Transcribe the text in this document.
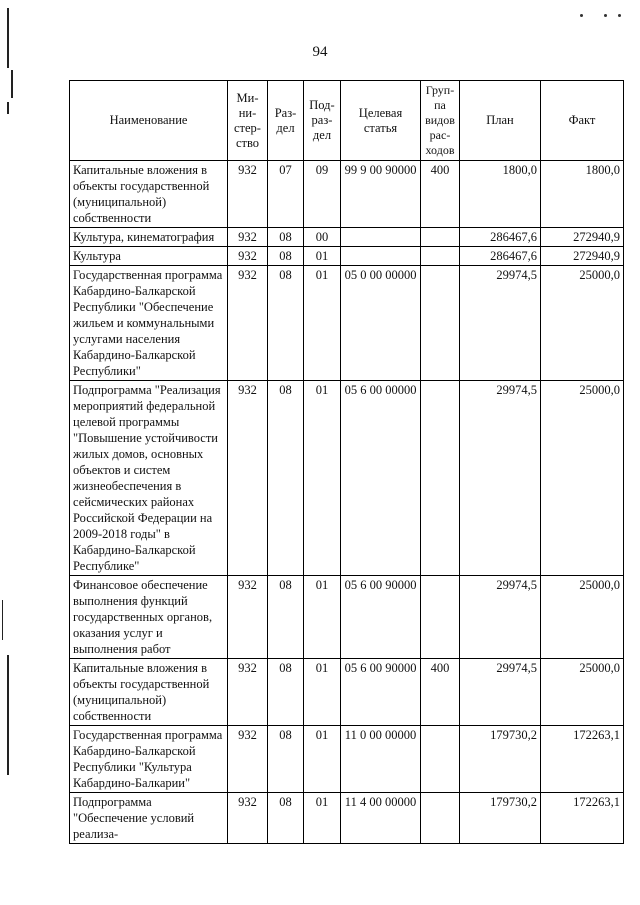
94
Наименование	Ми-
ни-
стер-
ство	Раз-
дел	Под-
раз-
дел	Целевая
статья	Груп-
па
видов
рас-
ходов	План	Факт
Капитальные вложения в объекты государственной (муниципальной) собственности	932	07	09	99 9 00 90000	400	1800,0	1800,0
Культура, кинематография	932	08	00			286467,6	272940,9
Культура	932	08	01			286467,6	272940,9
Государственная программа Кабардино-Балкарской Республики "Обеспечение жильем и коммунальными услугами населения Кабардино-Балкарской Республики"	932	08	01	05 0 00 00000		29974,5	25000,0
Подпрограмма "Реализация мероприятий федеральной целевой программы "Повышение устойчивости жилых домов, основных объектов и систем жизнеобеспечения в сейсмических районах Российской Федерации на 2009-2018 годы" в Кабардино-Балкарской Республике"	932	08	01	05 6 00 00000		29974,5	25000,0
Финансовое обеспечение выполнения функций государственных органов, оказания услуг и выполнения работ	932	08	01	05 6 00 90000		29974,5	25000,0
Капитальные вложения в объекты государственной (муниципальной) собственности	932	08	01	05 6 00 90000	400	29974,5	25000,0
Государственная программа Кабардино-Балкарской Республики "Культура Кабардино-Балкарии"	932	08	01	11 0 00 00000		179730,2	172263,1
Подпрограмма "Обеспечение условий реализа-	932	08	01	11 4 00 00000		179730,2	172263,1
